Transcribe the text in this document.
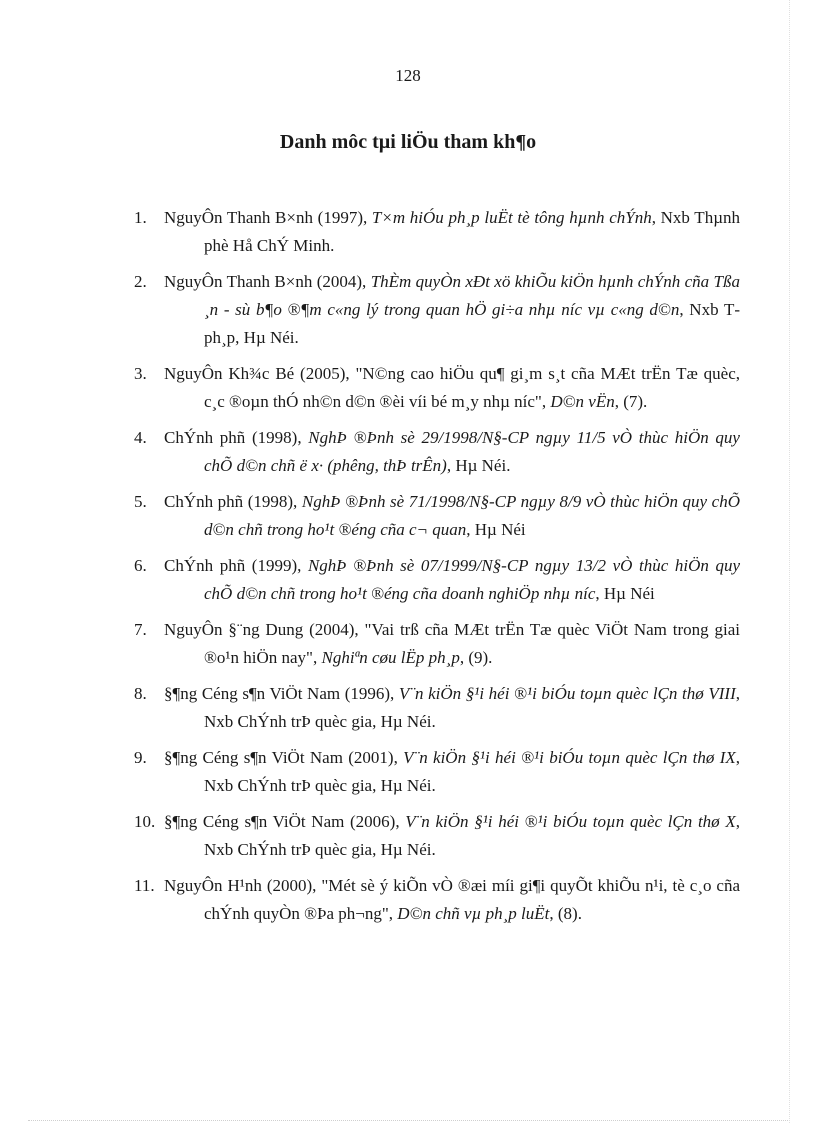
128
Danh môc tµi liÖu tham kh¶o
1. NguyÔn Thanh B×nh (1997), T×m hiÓu ph¸p luËt tè tông hµnh chÝnh, Nxb Thµnh phè Hå ChÝ Minh.
2. NguyÔn Thanh B×nh (2004), ThÈm quyÒn xÐt xö khiÕu kiÖn hµnh chÝnh cña Tßa ¸n - sù b¶o ®¶m c«ng lý trong quan hÖ gi÷a nhµ níc vµ c«ng d©n, Nxb T ph¸p, Hµ Néi.
3. NguyÔn Kh¾c Bé (2005), "N©ng cao hiÖu qu¶ gi¸m s¸t cña MÆt trËn Tæ quèc, c¸c ®oµn thÓ nh©n d©n ®èi víi bé m¸y nhµ níc", D©n vËn, (7).
4. ChÝnh phñ (1998), NghÞ ®Þnh sè 29/1998/N§-CP ngµy 11/5 vÒ thùc hiÖn quy chÕ d©n chñ ë x· (phêng, thÞ trÊn), Hµ Néi.
5. ChÝnh phñ (1998), NghÞ ®Þnh sè 71/1998/N§-CP ngµy 8/9 vÒ thùc hiÖn quy chÕ d©n chñ trong ho¹t ®éng cña c¬ quan, Hµ Néi
6. ChÝnh phñ (1999), NghÞ ®Þnh sè 07/1999/N§-CP ngµy 13/2 vÒ thùc hiÖn quy chÕ d©n chñ trong ho¹t ®éng cña doanh nghiÖp nhµ níc, Hµ Néi
7. NguyÔn §¨ng Dung (2004), "Vai trß cña MÆt trËn Tæ quèc ViÖt Nam trong giai ®o¹n hiÖn nay", Nghiªn cøu lËp ph¸p, (9).
8. §¶ng Céng s¶n ViÖt Nam (1996), V¨n kiÖn §¹i héi ®¹i biÓu toµn quèc lÇn thø VIII, Nxb ChÝnh trÞ quèc gia, Hµ Néi.
9. §¶ng Céng s¶n ViÖt Nam (2001), V¨n kiÖn §¹i héi ®¹i biÓu toµn quèc lÇn thø IX, Nxb ChÝnh trÞ quèc gia, Hµ Néi.
10. §¶ng Céng s¶n ViÖt Nam (2006), V¨n kiÖn §¹i héi ®¹i biÓu toµn quèc lÇn thø X, Nxb ChÝnh trÞ quèc gia, Hµ Néi.
11. NguyÔn H¹nh (2000), "Mét sè ý kiÕn vÒ ®æi míi gi¶i quyÕt khiÕu n¹i, tè c¸o cña chÝnh quyÒn ®Þa ph¬ng", D©n chñ vµ ph¸p luËt, (8).
